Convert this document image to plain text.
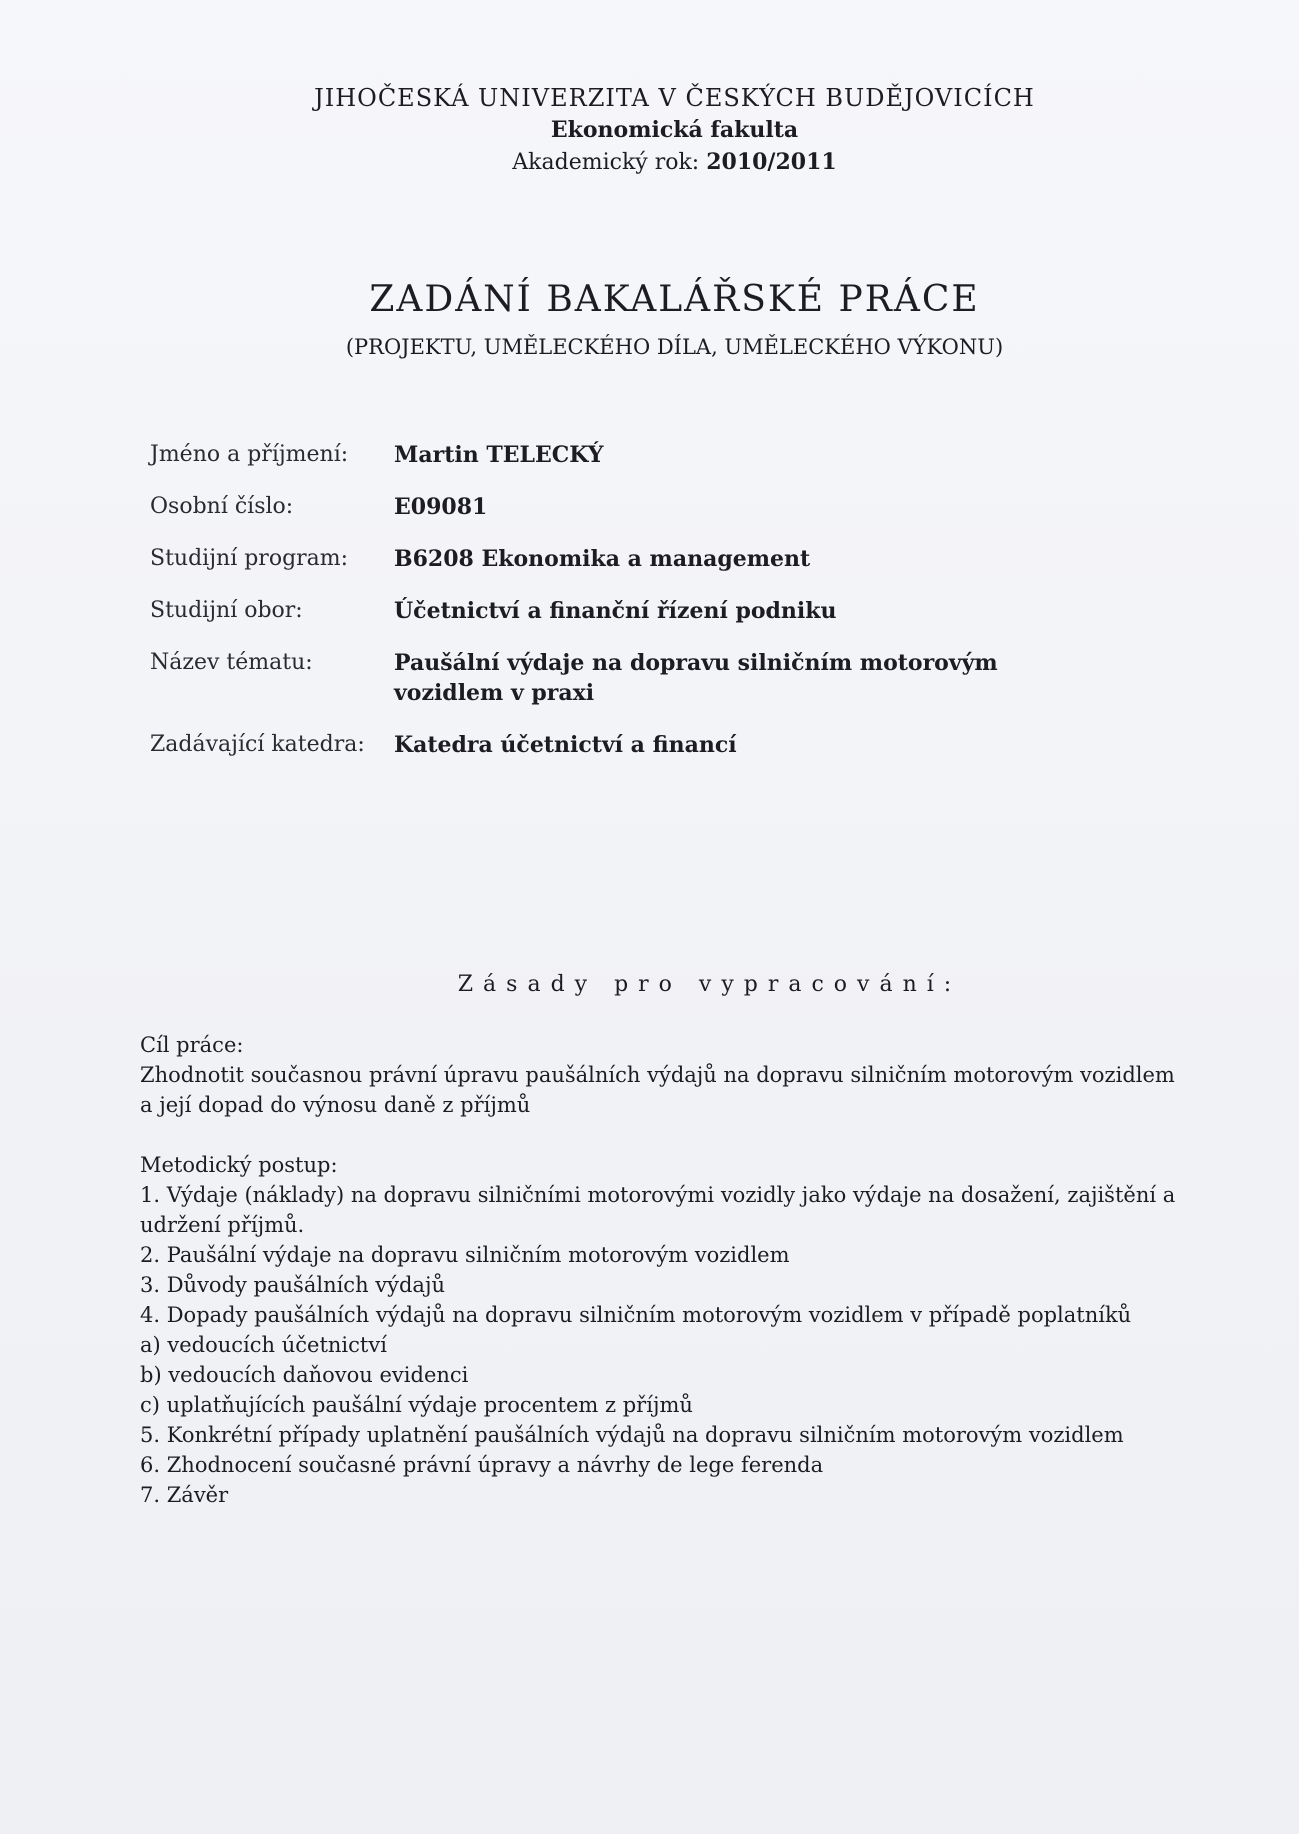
JIHOČESKÁ UNIVERZITA V ČESKÝCH BUDĚJOVICÍCH
Ekonomická fakulta
Akademický rok: 2010/2011
ZADÁNÍ BAKALÁŘSKÉ PRÁCE
(PROJEKTU, UMĚLECKÉHO DÍLA, UMĚLECKÉHO VÝKONU)
Jméno a příjmení:	Martin TELECKÝ
Osobní číslo:	E09081
Studijní program:	B6208 Ekonomika a management
Studijní obor:	Účetnictví a finanční řízení podniku
Název tématu:	Paušální výdaje na dopravu silničním motorovým vozidlem v praxi
Zadávající katedra:	Katedra účetnictví a financí
Zásady pro vypracování:
Cíl práce:
Zhodnotit současnou právní úpravu paušálních výdajů na dopravu silničním motorovým vozidlem a její dopad do výnosu daně z příjmů
Metodický postup:
1. Výdaje (náklady) na dopravu silničními motorovými vozidly jako výdaje na dosažení, zajištění a udržení příjmů.
2. Paušální výdaje na dopravu silničním motorovým vozidlem
3. Důvody paušálních výdajů
4. Dopady paušálních výdajů na dopravu silničním motorovým vozidlem v případě poplatníků
a) vedoucích účetnictví
b) vedoucích daňovou evidenci
c) uplatňujících paušální výdaje procentem z příjmů
5. Konkrétní případy uplatnění paušálních výdajů na dopravu silničním motorovým vozidlem
6. Zhodnocení současné právní úpravy a návrhy de lege ferenda
7. Závěr
